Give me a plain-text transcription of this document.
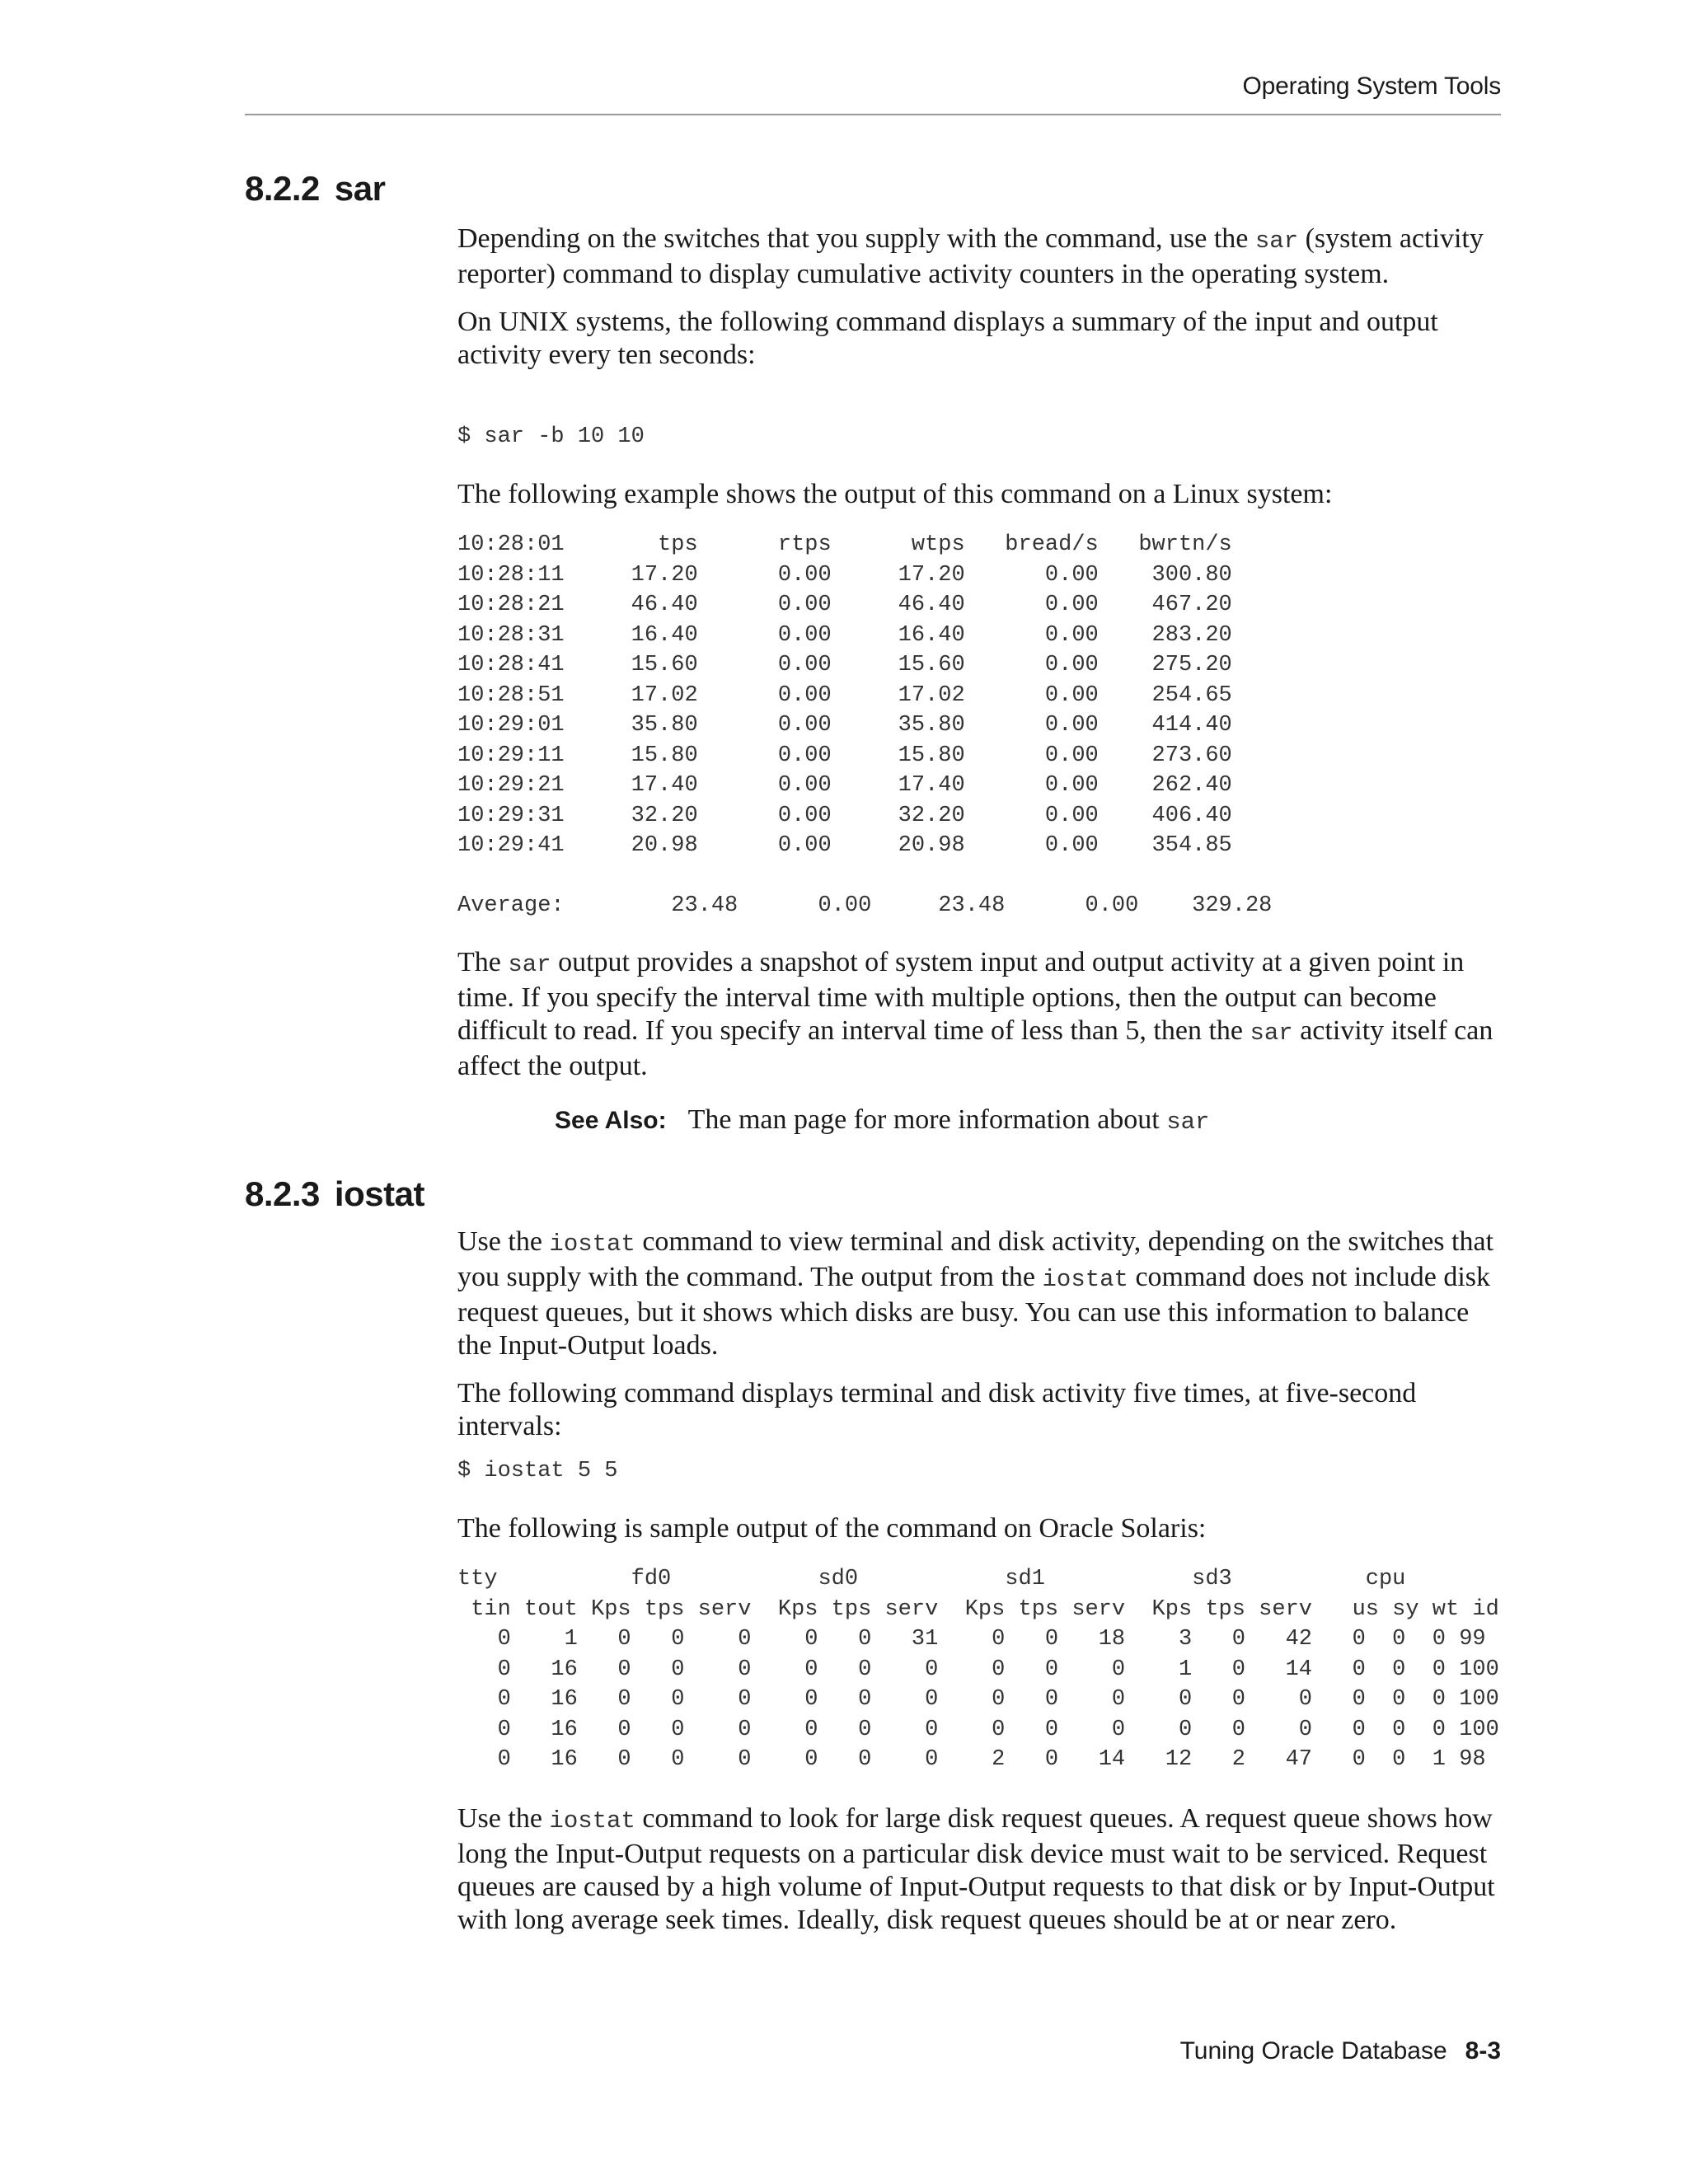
Operating System Tools
8.2.2 sar

Depending on the switches that you supply with the command, use the sar (system activity reporter) command to display cumulative activity counters in the operating system.

On UNIX systems, the following command displays a summary of the input and output activity every ten seconds:

$ sar -b 10 10

The following example shows the output of this command on a Linux system:

10:28:01       tps      rtps      wtps   bread/s   bwrtn/s
10:28:11     17.20      0.00     17.20      0.00    300.80
10:28:21     46.40      0.00     46.40      0.00    467.20
10:28:31     16.40      0.00     16.40      0.00    283.20
10:28:41     15.60      0.00     15.60      0.00    275.20
10:28:51     17.02      0.00     17.02      0.00    254.65
10:29:01     35.80      0.00     35.80      0.00    414.40
10:29:11     15.80      0.00     15.80      0.00    273.60
10:29:21     17.40      0.00     17.40      0.00    262.40
10:29:31     32.20      0.00     32.20      0.00    406.40
10:29:41     20.98      0.00     20.98      0.00    354.85

Average:        23.48      0.00     23.48      0.00    329.28

The sar output provides a snapshot of system input and output activity at a given point in time. If you specify the interval time with multiple options, then the output can become difficult to read. If you specify an interval time of less than 5, then the sar activity itself can affect the output.

See Also: The man page for more information about sar
8.2.3 iostat

Use the iostat command to view terminal and disk activity, depending on the switches that you supply with the command. The output from the iostat command does not include disk request queues, but it shows which disks are busy. You can use this information to balance the Input-Output loads.

The following command displays terminal and disk activity five times, at five-second intervals:

$ iostat 5 5

The following is sample output of the command on Oracle Solaris:

tty          fd0           sd0           sd1           sd3          cpu
tin tout Kps tps serv  Kps tps serv  Kps tps serv  Kps tps serv   us sy wt id
0    1   0   0    0    0   0   31    0   0   18    3   0   42   0  0  0 99
0   16   0   0    0    0   0    0    0   0    0    1   0   14   0  0  0 100
0   16   0   0    0    0   0    0    0   0    0    0   0    0   0  0  0 100
0   16   0   0    0    0   0    0    0   0    0    0   0    0   0  0  0 100
0   16   0   0    0    0   0    0    2   0   14   12   2   47   0  0  1 98

Use the iostat command to look for large disk request queues. A request queue shows how long the Input-Output requests on a particular disk device must wait to be serviced. Request queues are caused by a high volume of Input-Output requests to that disk or by Input-Output with long average seek times. Ideally, disk request queues should be at or near zero.

Tuning Oracle Database 8-3
